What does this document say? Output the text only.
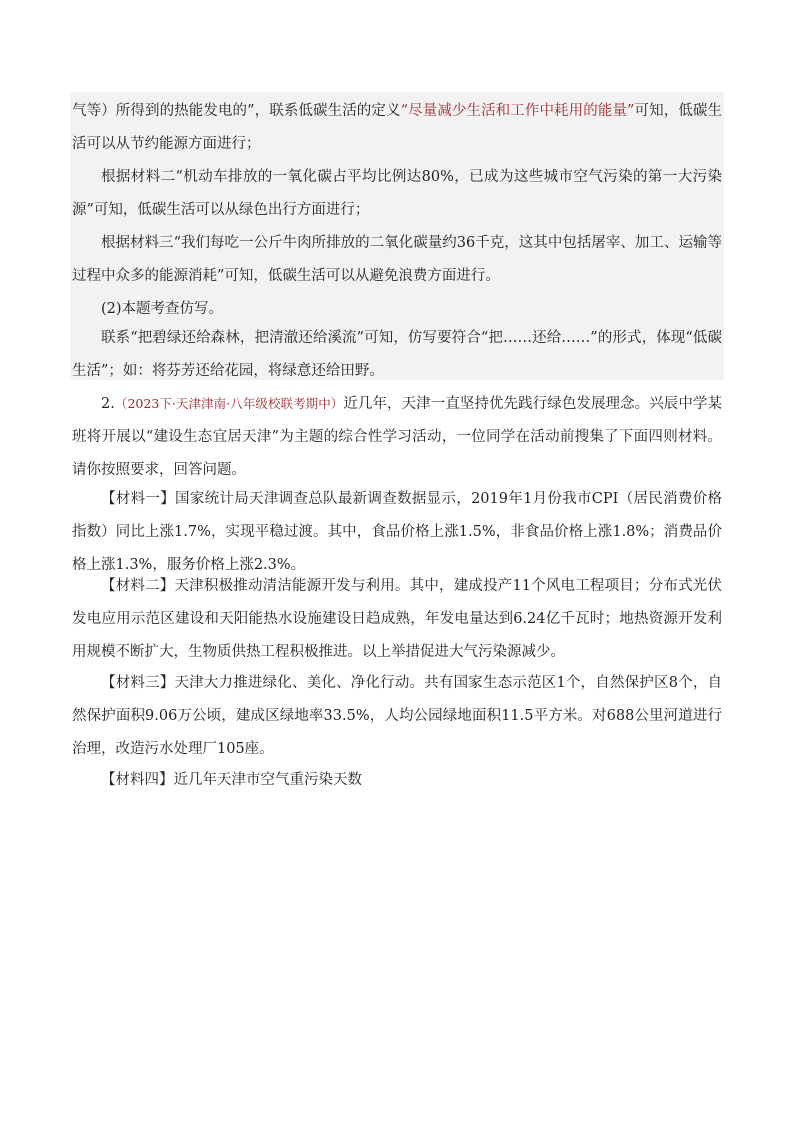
气等）所得到的热能发电的”，联系低碳生活的定义“尽量减少生活和工作中耗用的能量”可知，低碳生活可以从节约能源方面进行；

根据材料二“机动车排放的一氧化碳占平均比例达80%，已成为这些城市空气污染的第一大污染源”可知，低碳生活可以从绿色出行方面进行；

根据材料三“我们每吃一公斤牛肉所排放的二氧化碳量约36千克，这其中包括屠宰、加工、运输等过程中众多的能源消耗”可知，低碳生活可以从避免浪费方面进行。

(2)本题考查仿写。

联系“把碧绿还给森林，把清澈还给溪流”可知，仿写要符合“把……还给……”的形式，体现“低碳生活”；如：将芬芳还给花园，将绿意还给田野。

2.（2023下·天津津南·八年级校联考期中）近几年，天津一直坚持优先践行绿色发展理念。兴辰中学某班将开展以“建设生态宜居天津”为主题的综合性学习活动，一位同学在活动前搜集了下面四则材料。请你按照要求，回答问题。

【材料一】国家统计局天津调查总队最新调查数据显示，2019年1月份我市CPI（居民消费价格指数）同比上涨1.7%，实现平稳过渡。其中，食品价格上涨1.5%，非食品价格上涨1.8%；消费品价格上涨1.3%，服务价格上涨2.3%。

【材料二】天津积极推动清洁能源开发与利用。其中，建成投产11个风电工程项目；分布式光伏发电应用示范区建设和天阳能热水设施建设日趋成熟，年发电量达到6.24亿千瓦时；地热资源开发利用规模不断扩大，生物质供热工程积极推进。以上举措促进大气污染源减少。

【材料三】天津大力推进绿化、美化、净化行动。共有国家生态示范区1个，自然保护区8个，自然保护面积9.06万公顷，建成区绿地率33.5%，人均公园绿地面积11.5平方米。对688公里河道进行治理，改造污水处理厂105座。

【材料四】近几年天津市空气重污染天数
